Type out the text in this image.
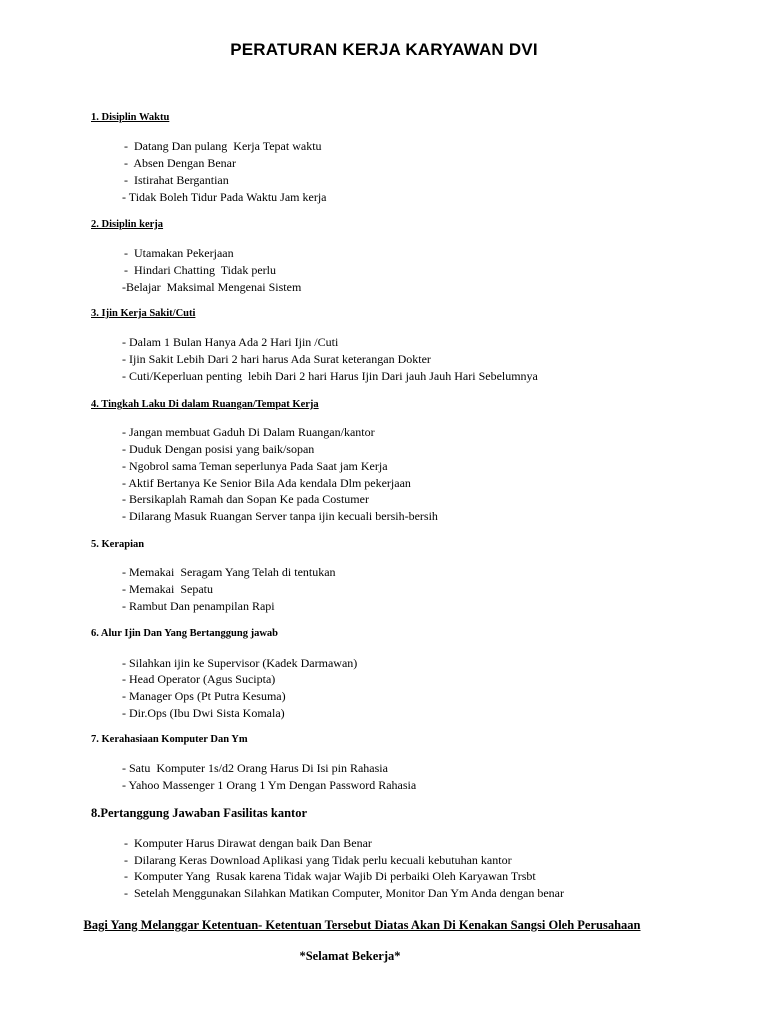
PERATURAN KERJA KARYAWAN DVI
1. Disiplin Waktu
-  Datang Dan pulang  Kerja Tepat waktu
-  Absen Dengan Benar
-  Istirahat Bergantian
- Tidak Boleh Tidur Pada Waktu Jam kerja
2. Disiplin kerja
-  Utamakan Pekerjaan
-  Hindari Chatting  Tidak perlu
-Belajar  Maksimal Mengenai Sistem
3. Ijin Kerja Sakit/Cuti
- Dalam 1 Bulan Hanya Ada 2 Hari Ijin /Cuti
- Ijin Sakit Lebih Dari 2 hari harus Ada Surat keterangan Dokter
- Cuti/Keperluan penting  lebih Dari 2 hari Harus Ijin Dari jauh Jauh Hari Sebelumnya
4. Tingkah Laku Di dalam Ruangan/Tempat Kerja
- Jangan membuat Gaduh Di Dalam Ruangan/kantor
- Duduk Dengan posisi yang baik/sopan
- Ngobrol sama Teman seperlunya Pada Saat jam Kerja
- Aktif Bertanya Ke Senior Bila Ada kendala Dlm pekerjaan
- Bersikaplah Ramah dan Sopan Ke pada Costumer
- Dilarang Masuk Ruangan Server tanpa ijin kecuali bersih-bersih
5. Kerapian
- Memakai  Seragam Yang Telah di tentukan
- Memakai  Sepatu
- Rambut Dan penampilan Rapi
6. Alur Ijin Dan Yang Bertanggung jawab
- Silahkan ijin ke Supervisor (Kadek Darmawan)
- Head Operator (Agus Sucipta)
- Manager Ops (Pt Putra Kesuma)
- Dir.Ops (Ibu Dwi Sista Komala)
7. Kerahasiaan Komputer Dan Ym
- Satu  Komputer 1s/d2 Orang Harus Di Isi pin Rahasia
- Yahoo Massenger 1 Orang 1 Ym Dengan Password Rahasia
8.Pertanggung Jawaban Fasilitas kantor
-  Komputer Harus Dirawat dengan baik Dan Benar
-  Dilarang Keras Download Aplikasi yang Tidak perlu kecuali kebutuhan kantor
-  Komputer Yang  Rusak karena Tidak wajar Wajib Di perbaiki Oleh Karyawan Trsbt
-  Setelah Menggunakan Silahkan Matikan Computer, Monitor Dan Ym Anda dengan benar
Bagi Yang Melanggar Ketentuan- Ketentuan Tersebut Diatas Akan Di Kenakan Sangsi Oleh Perusahaan
*Selamat Bekerja*
